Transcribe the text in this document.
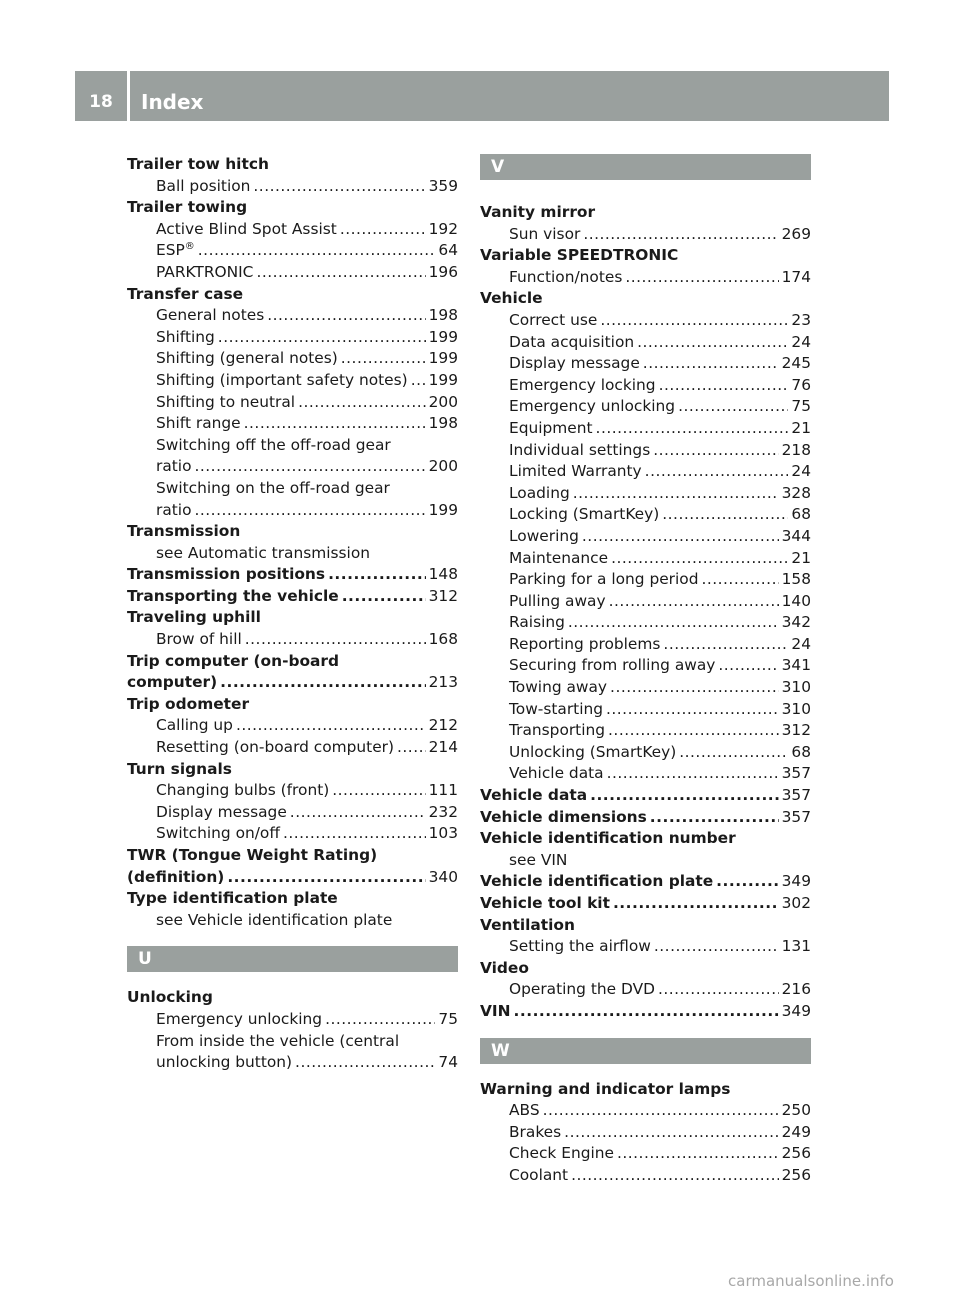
18	Index
Trailer tow hitch
Ball position .....	359
Trailer towing
Active Blind Spot Assist .....	192
ESP® .....	64
PARKTRONIC .....	196
Transfer case
General notes .....	198
Shifting .....	199
Shifting (general notes) .....	199
Shifting (important safety notes) ..... 199
Shifting to neutral .....	200
Shift range .....	198
Switching off the off-road gear
ratio .....	200
Switching on the off-road gear
ratio .....	199
Transmission
see Automatic transmission
Transmission positions .....	148
Transporting the vehicle .....	312
Traveling uphill
Brow of hill .....	168
Trip computer (on-board
computer) .....	213
Trip odometer
Calling up .....	212
Resetting (on-board computer) ..... 214
Turn signals
Changing bulbs (front) .....	111
Display message .....	232
Switching on/off .....	103
TWR (Tongue Weight Rating)
(definition) .....	340
Type identification plate
see Vehicle identification plate
U
Unlocking
Emergency unlocking .....	75
From inside the vehicle (central
unlocking button) .....	74
V
Vanity mirror
Sun visor .....	269
Variable SPEEDTRONIC
Function/notes .....	174
Vehicle
Correct use .....	23
Data acquisition .....	24
Display message .....	245
Emergency locking .....	76
Emergency unlocking .....	75
Equipment .....	21
Individual settings .....	218
Limited Warranty .....	24
Loading .....	328
Locking (SmartKey) .....	68
Lowering .....	344
Maintenance .....	21
Parking for a long period .....	158
Pulling away .....	140
Raising .....	342
Reporting problems .....	24
Securing from rolling away .....	341
Towing away .....	310
Tow-starting .....	310
Transporting .....	312
Unlocking (SmartKey) .....	68
Vehicle data .....	357
Vehicle data .....	357
Vehicle dimensions .....	357
Vehicle identification number
see VIN
Vehicle identification plate .....	349
Vehicle tool kit .....	302
Ventilation
Setting the airflow .....	131
Video
Operating the DVD .....	216
VIN .....	349
W
Warning and indicator lamps
ABS .....	250
Brakes .....	249
Check Engine .....	256
Coolant .....	256
carmanualsonline.info
